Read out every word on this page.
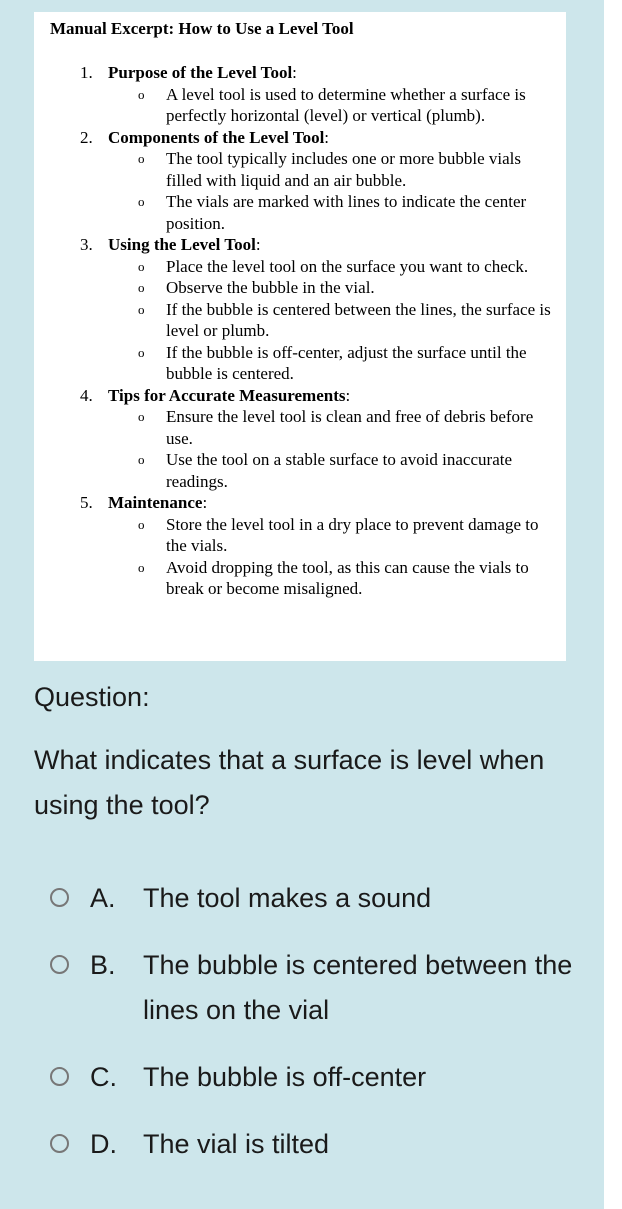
Manual Excerpt: How to Use a Level Tool
1. Purpose of the Level Tool:
o A level tool is used to determine whether a surface is perfectly horizontal (level) or vertical (plumb).
2. Components of the Level Tool:
o The tool typically includes one or more bubble vials filled with liquid and an air bubble.
o The vials are marked with lines to indicate the center position.
3. Using the Level Tool:
o Place the level tool on the surface you want to check.
o Observe the bubble in the vial.
o If the bubble is centered between the lines, the surface is level or plumb.
o If the bubble is off-center, adjust the surface until the bubble is centered.
4. Tips for Accurate Measurements:
o Ensure the level tool is clean and free of debris before use.
o Use the tool on a stable surface to avoid inaccurate readings.
5. Maintenance:
o Store the level tool in a dry place to prevent damage to the vials.
o Avoid dropping the tool, as this can cause the vials to break or become misaligned.
Question:
What indicates that a surface is level when using the tool?
A. The tool makes a sound
B. The bubble is centered between the lines on the vial
C. The bubble is off-center
D. The vial is tilted
